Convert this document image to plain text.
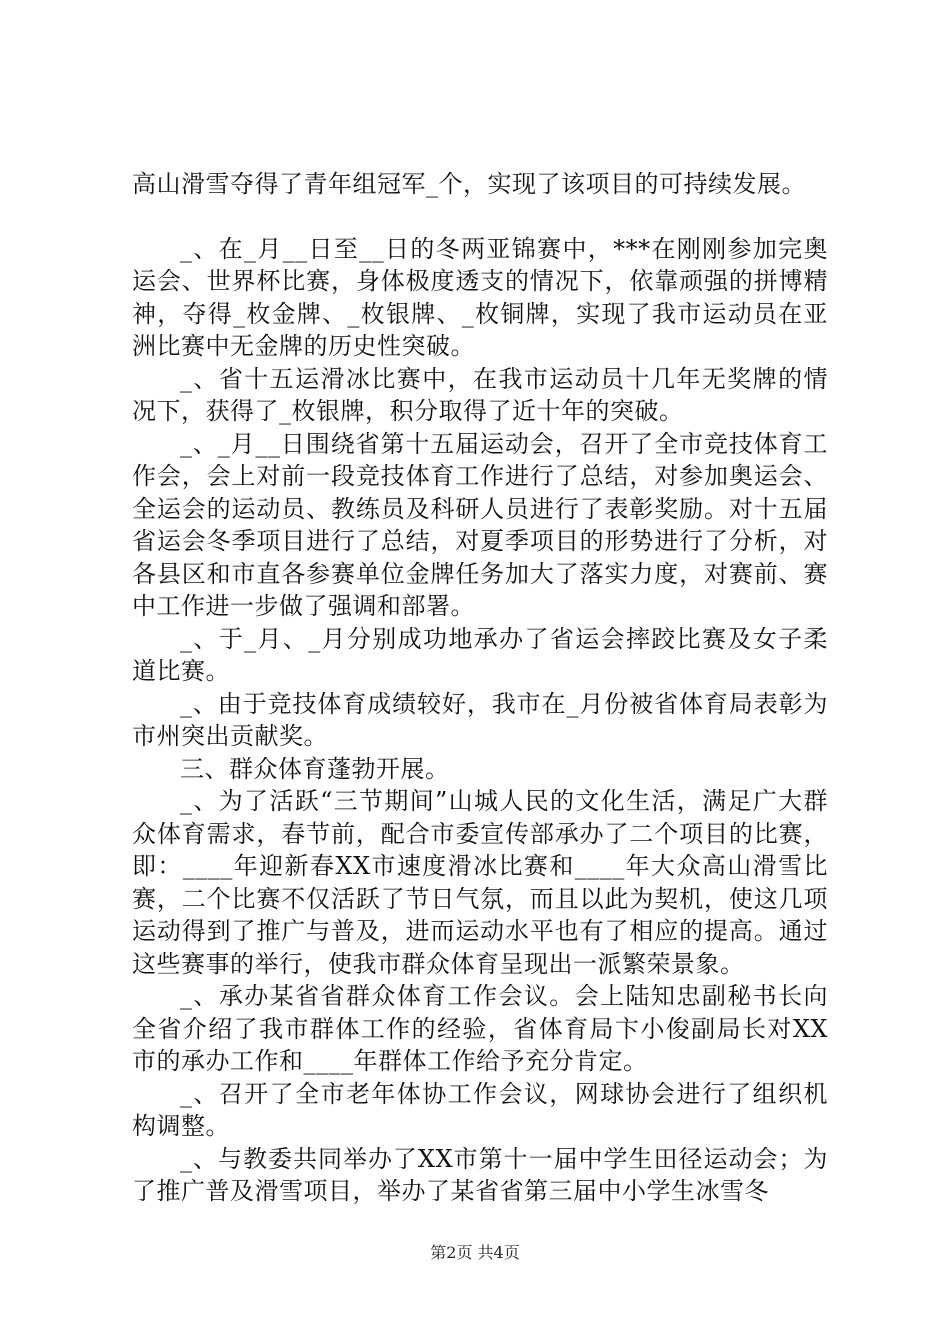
高山滑雪夺得了青年组冠军_个，实现了该项目的可持续发展。

_、在_月__日至__日的冬两亚锦赛中，***在刚刚参加完奥运会、世界杯比赛，身体极度透支的情况下，依靠顽强的拼博精神，夺得_枚金牌、_枚银牌、_枚铜牌，实现了我市运动员在亚洲比赛中无金牌的历史性突破。

_、省十五运滑冰比赛中，在我市运动员十几年无奖牌的情况下，获得了_枚银牌，积分取得了近十年的突破。

_、_月__日围绕省第十五届运动会，召开了全市竞技体育工作会，会上对前一段竞技体育工作进行了总结，对参加奥运会、全运会的运动员、教练员及科研人员进行了表彰奖励。对十五届省运会冬季项目进行了总结，对夏季项目的形势进行了分析，对各县区和市直各参赛单位金牌任务加大了落实力度，对赛前、赛中工作进一步做了强调和部署。

_、于_月、_月分别成功地承办了省运会摔跤比赛及女子柔道比赛。

_、由于竞技体育成绩较好，我市在_月份被省体育局表彰为市州突出贡献奖。

三、群众体育蓬勃开展。

_、为了活跃“三节期间”山城人民的文化生活，满足广大群众体育需求，春节前，配合市委宣传部承办了二个项目的比赛，即：____年迎新春XX市速度滑冰比赛和____年大众高山滑雪比赛，二个比赛不仅活跃了节日气氛，而且以此为契机，使这几项运动得到了推广与普及，进而运动水平也有了相应的提高。通过这些赛事的举行，使我市群众体育呈现出一派繁荣景象。

_、承办某省省群众体育工作会议。会上陆知忠副秘书长向全省介绍了我市群体工作的经验，省体育局卞小俊副局长对XX市的承办工作和____年群体工作给予充分肯定。

_、召开了全市老年体协工作会议，网球协会进行了组织机构调整。

_、与教委共同举办了XX市第十一届中学生田径运动会；为了推广普及滑雪项目，举办了某省省第三届中小学生冰雪冬

第2页 共4页
